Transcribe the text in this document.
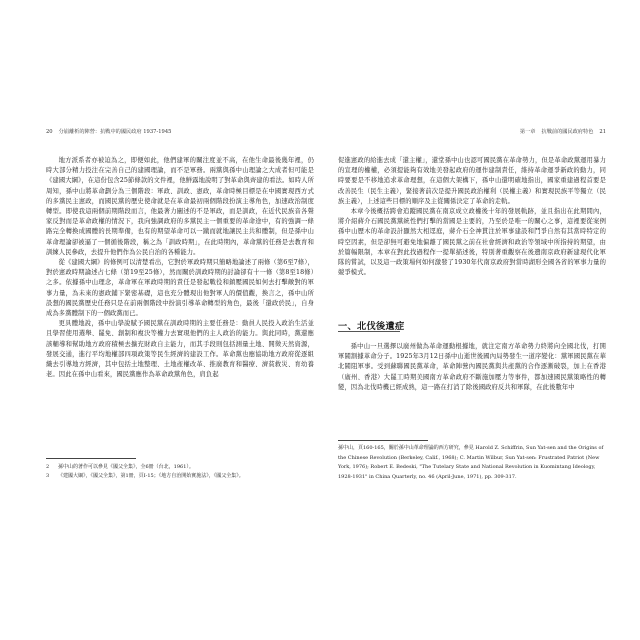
20 分崩離析的陣營：抗戰中的國民政府 1937-1945

地方派系者亦被迫為之，即便如此，他們建軍的關注度並不高，在他生命最後幾年裡，仍時大部分精力投注在完善自己的建國理論，而不是軍務。兩黨與孫中山理論之大成者但可能是《建國大綱》，在這份包含25節條款的文件裡，他鮮露地說明了對革命與齊建的看法。如時人所周知，孫中山將革命劃分為三個階段：軍政、訓政、憲政，革命時極目標是在中國實現西方式的多黨民主憲政，而國民黨的歷史使命就是在革命最初兩個階段扮演主導角色，加速政治制度轉型。即使我這兩個前期階段而言，他最著力闡述的不是軍政，而是訓政，在近代民族音各聲家反對而是革命政權的情況下，我向強調政府的多黨民主一個重要的革命途中，有的強調一條路完全轉換成國體的長期準備，也有的期望革命可以一蹴而就地讓民主共和體制，但是孫中山革命理論卻被逼了一個循後階段，稱之為「訓政時期」，在此時期內，革命黨的任務是去教育和訓練人民參政，去提升他們作為公民自治的各種能力。

從《建國大綱》的條例可以清楚看出，它對於軍政時期只簡略地論述了兩條（第6至7條），對於憲政時期論述占七條（第19至25條），然而關於訓政時期的討論卻有十一條（第8至18條）之多。依據孫中山理念，革命軍在軍政時期的責任是發起戰役和鎮壓國民如何去打擊敵對的軍事力量，為未來的憲政鋪下緊密基礎，這也充分體現出他對軍人的價值觀，換言之，孫中山所設想的國民黨歷史任務只是在前兩個階段中扮演引導革命轉型的角色，最後「還政於民」，自身成為多黨體制下的一個政黨而已。

更具體地說，孫中山學說賦予國民黨在訓政時期的主要任務是：動員人民投入政治生活並且學習使用選舉、罷免、創制和複決等權力去實現他們的主人政治的能力。與此同時，黨還應該輔導和幫助地方政府積極去擴充財政自主能力，而其手段則包括測量土地、開徵天然資源，發展交通，進行平均地權部四項政策等民生經濟的建設工作。革命黨也應協助地方政府從逐組織去引導地方經濟，其中包括土地整理、土地產權改革、推廣教育和醫療、濟貧救災、育幼養老。因此在孫中山看來，國民黨應作為革命政黨角色，肩負起

2	孫中山的著作可以參見《國父全集》，全6冊（台北，1961）。
3	《建國大綱》，《國父全集》，第1冊，頁I-15；《地方自治開始實施法》，《國父全集》。
第一章 抗戰前的國民政府特色 21

促進憲政的給進去成「還主權」，還堂孫中山也認可國民黨在革命勢力，但是革命政黨運用暴力的宣理的權權，必須提能夠有效地美發起政府的運作建制責任，維持革命運爭新政的動力，同時要要是不移地追求革命理想，在這個大架構下，孫中山還明確地指出，國家重建過程首要是改善民生（民生主義），緊接著前次是提升國民政治權利（民權主義）和實現民族平等獨立（民族主義），上述這些目標的順序及主從關係決定了革命的走軌。

本章今後概括跨會追蹤國民黨在南京成立政權後十年的發展軌跡，並且指出在此期間內，將介紹蔣介石國民黨黨統性們打擊的當國是主要的，乃至於是唯一的關心之事，這裡要從案例孫中山歷木的革命設計顯然大相逕庭，蔣介石全神貫注於軍事建設和鬥爭自然有其當時特定的時空因素，但是卻無可避免地偏離了國民黨之前在社會經濟和政治等領域中所指持的期望，由於篇幅限制，本章在對此找過程作一提單描述後，特別著重觀察在後遺南京政府新建現代化軍隊的嘗試，以及這一政策場何如何激發了1930年代南京政府對當時湖形全國各省的軍事力量的競爭模式。

一、北伐後遺症

孫中山一旦選擇以廣州做為革命運動根據地，就注定南方革命勢力終將向全國北伐，打開軍閥割據革命分子。1925年3月12日孫中山逝世後國內局勢發生一道序變化：黨軍國民黨在華北閥阻軍事。受到蘇聯國民黨革命，革命陣營內國民黨與共產黨的合作逐漸破裂，加上在香港（廣州、香港）大罷工時期美國南方革命政府不斷施加壓力等事件，都加速國民黨策略性的轉變，因為北伐時機已經成熟，這一路在打消了除後國政府反共和軍隊，在此後數年中

孫中山，頁160-165，關於孫中山革命理論的西方研究，參見 Harold Z. Schiffrin, Sun Yat-sen and the Origins of the Chinese Revolution (Berkeley, Calif., 1968); C. Martin Wilbur, Sun Yat-sen: Frustrated Patriot (New York, 1976); Robert E. Bedeski, "The Tutelary State and National Revolution in Kuomintang Ideology, 1928-1931" in China Quarterly, no. 46 (April-June, 1971), pp. 309-317.
